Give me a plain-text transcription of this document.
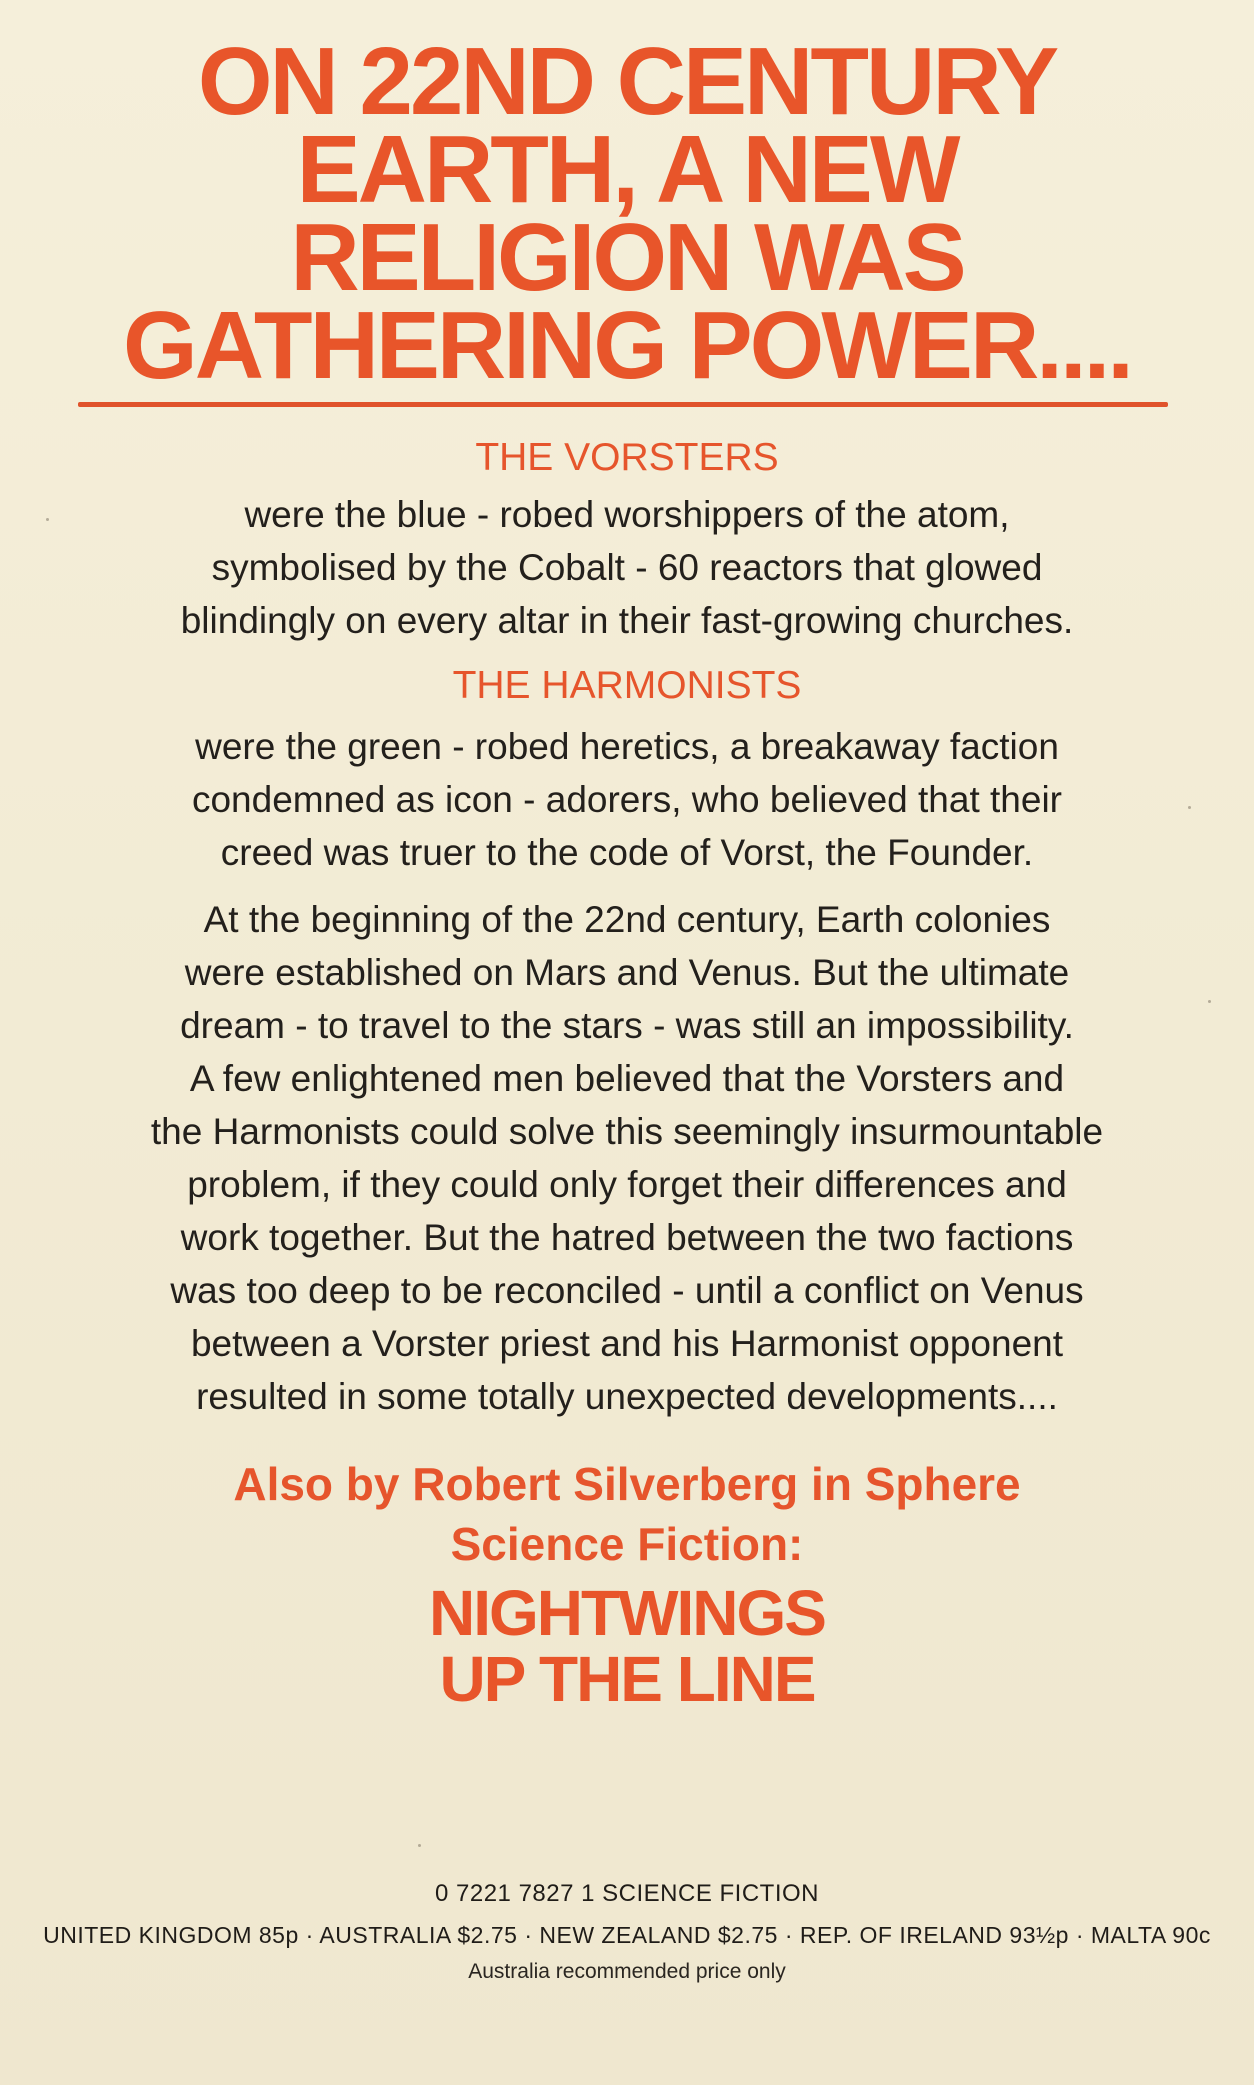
ON 22ND CENTURY
EARTH, A NEW
RELIGION WAS
GATHERING POWER....
THE VORSTERS
were the blue - robed worshippers of the atom,
symbolised by the Cobalt - 60 reactors that glowed
blindingly on every altar in their fast-growing churches.
THE HARMONISTS
were the green - robed heretics, a breakaway faction
condemned as icon - adorers, who believed that their
creed was truer to the code of Vorst, the Founder.
At the beginning of the 22nd century, Earth colonies
were established on Mars and Venus. But the ultimate
dream - to travel to the stars - was still an impossibility.
A few enlightened men believed that the Vorsters and
the Harmonists could solve this seemingly insurmountable
problem, if they could only forget their differences and
work together. But the hatred between the two factions
was too deep to be reconciled - until a conflict on Venus
between a Vorster priest and his Harmonist opponent
resulted in some totally unexpected developments....
Also by Robert Silverberg in Sphere
Science Fiction:
NIGHTWINGS
UP THE LINE
0 7221 7827 1 SCIENCE FICTION
UNITED KINGDOM 85p · AUSTRALIA $2.75 · NEW ZEALAND $2.75 · REP. OF IRELAND 93½p · MALTA 90c
Australia recommended price only
